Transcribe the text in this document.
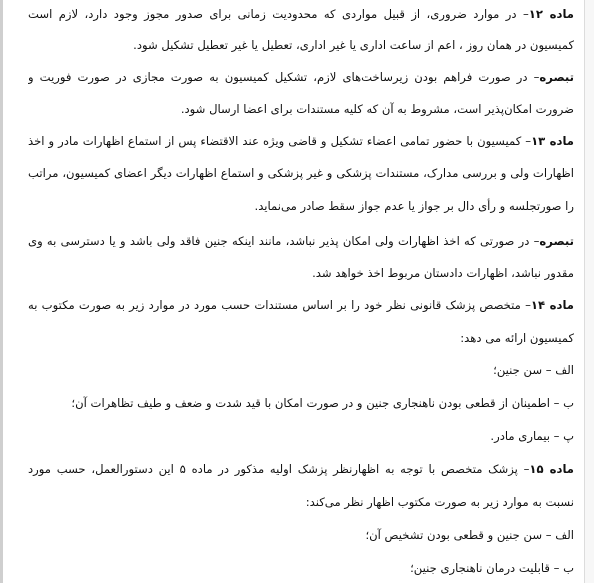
ماده ۱۲– در موارد ضروری، از قبیل مواردی که محدودیت زمانی برای صدور مجوز وجود دارد، لازم است
کمیسیون در همان روز ، اعم از ساعت اداری یا غیر اداری، تعطیل یا غیر تعطیل تشکیل شود.
تبصره– در صورت فراهم بودن زیرساخت‌های لازم، تشکیل کمیسیون به صورت مجازی در صورت فوریت و
ضرورت امکان‌پذیر است، مشروط به آن که کلیه مستندات برای اعضا ارسال شود.
ماده ۱۳– کمیسیون با حضور تمامی اعضاء تشکیل و قاضی ویژه عند الاقتضاء پس از استماع اظهارات مادر و اخذ
اظهارات ولی و بررسی مدارک، مستندات پزشکی و غیر پزشکی و استماع اظهارات دیگر اعضای کمیسیون، مراتب
را صورتجلسه و رأی دال بر جواز یا عدم جواز سقط صادر می‌نماید.
تبصره– در صورتی که اخذ اظهارات ولی امکان پذیر نباشد، مانند اینکه جنین فاقد ولی باشد و یا دسترسی به وی
مقدور نباشد، اظهارات دادستان مربوط اخذ خواهد شد.
ماده ۱۴– متخصص پزشک قانونی نظر خود را بر اساس مستندات حسب مورد در موارد زیر به صورت مکتوب به
کمیسیون ارائه می دهد:
الف – سن جنین؛
ب – اطمینان از قطعی بودن ناهنجاری جنین و در صورت امکان با قید شدت و ضعف و طیف تظاهرات آن؛
پ – بیماری مادر.
ماده ۱۵– پزشک متخصص با توجه به اظهارنظر پزشک اولیه مذکور در ماده ۵ این دستورالعمل، حسب مورد
نسبت به موارد زیر به صورت مکتوب اظهار نظر می‌کند:
الف – سن جنین و قطعی بودن تشخیص آن؛
ب – قابلیت درمان ناهنجاری جنین؛
